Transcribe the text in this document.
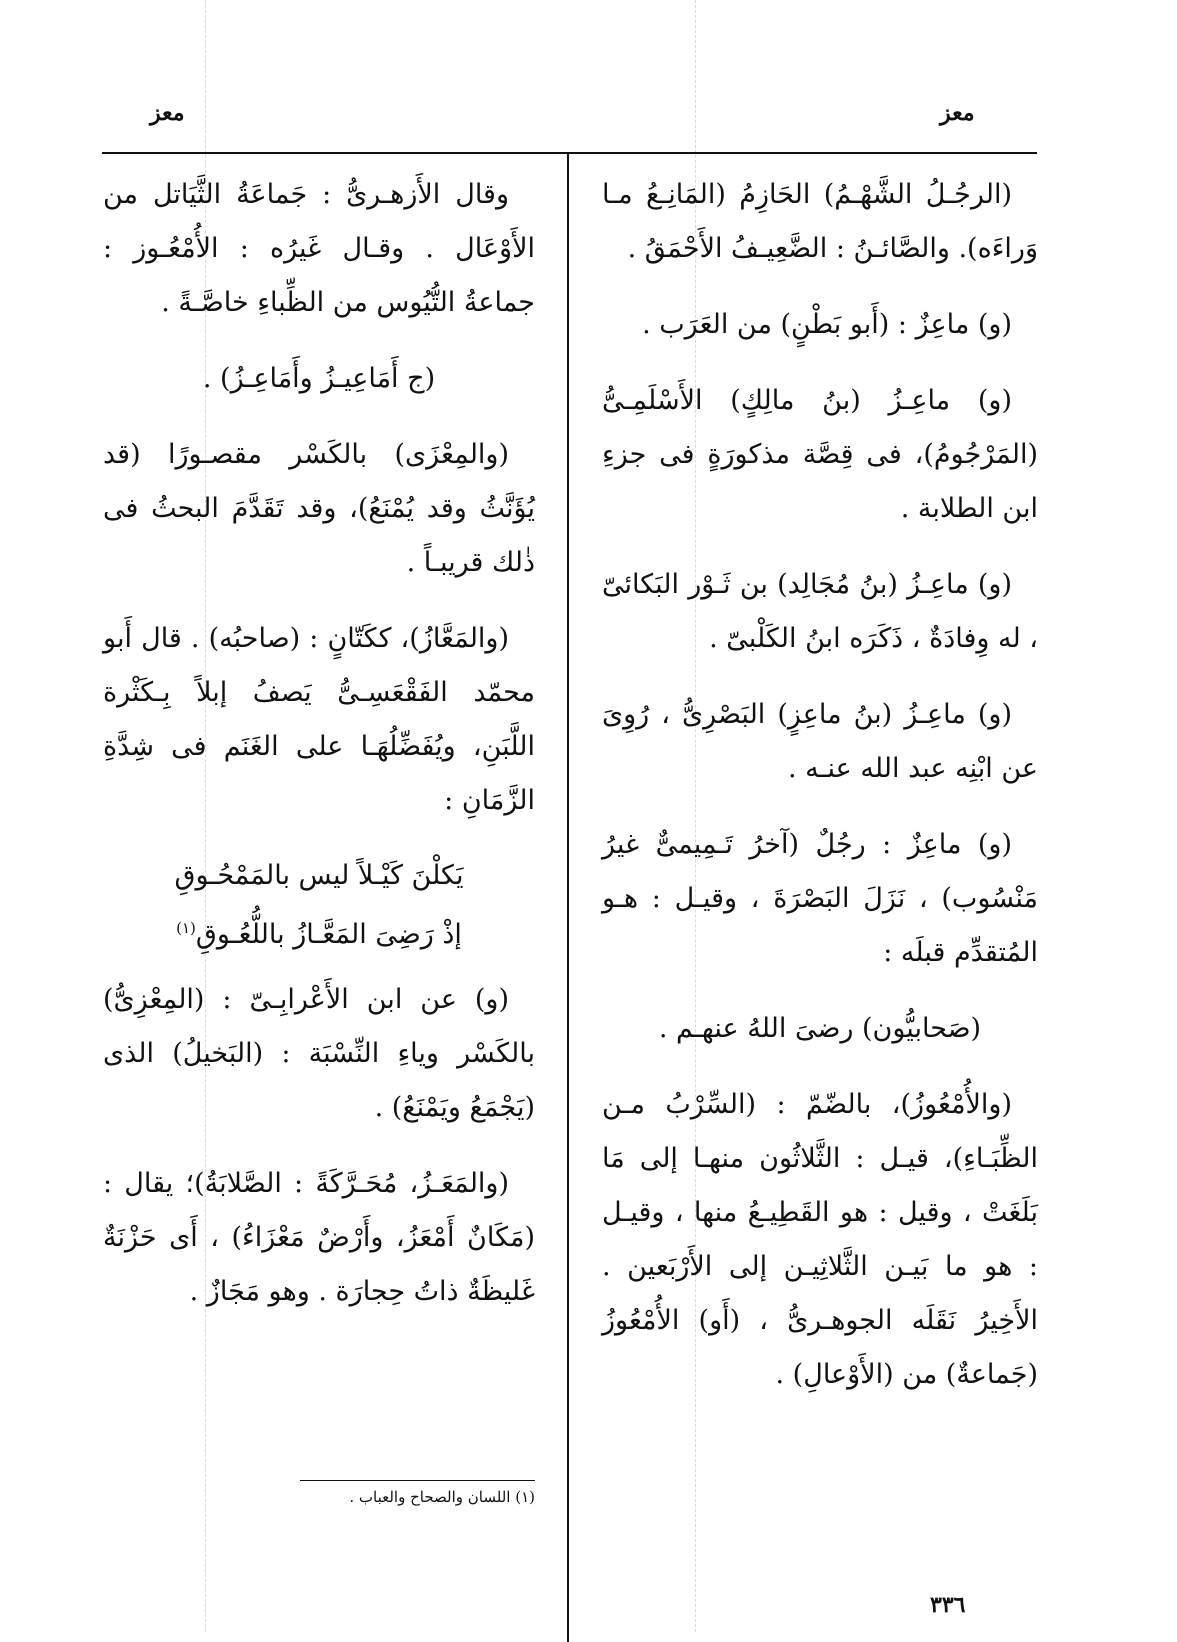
معز
معز

(الرجُـلُ الشَّهْـمُ) الحَازِمُ (المَانِـعُ مـا وَراءَه). والصَّائـنُ : الضَّعِيـفُ الأَحْمَقُ .

(و) ماعِزٌ : (أَبو بَطْنٍ) من العَرَب .

(و) ماعِـزُ (بنُ مالِكٍ) الأَسْلَمِـىُّ (المَرْجُومُ)، فى قِصَّة مذكورَةٍ فى جزءِ ابن الطلابة .

(و) ماعِـزُ (بنُ مُجَالِد) بن ثَـوْر البَكائىّ ، له وِفادَةٌ ، ذَكَرَه ابنُ الكَلْبىّ .

(و) ماعِـزُ (بنُ ماعِزٍ) البَصْرِىُّ ، رُوِىَ عن ابْنِه عبد الله عنـه .

(و) ماعِزٌ : رجُلٌ (آخرُ تَـمِيمىٌّ غيرُ مَنْسُوب) ، نَزَلَ البَصْرَةَ ، وقيـل : هـو المُتقدِّم قبلَه :

(صَحابيُّون) رضىَ اللهُ عنهـم .

(والأُمْعُوزُ)، بالضّمّ : (السِّرْبُ مـن الظِّبَـاءِ)، قيـل : الثَّلاثُون منهـا إلى مَا بَلَغَتْ ، وقيل : هو القَطِيـعُ منها ، وقيـل : هو ما بَيـن الثَّلاثِيـن إلى الأَرْبَعين . الأَخِيرُ نَقَلَه الجوهـرىُّ ، (أَو) الأُمْعُوزُ (جَماعةٌ) من (الأَوْعالِ) .

وقال الأَزهـرىُّ : جَماعَةُ الثَّيَاتل من الأَوْعَال . وقـال غَيرُه : الأُمْعُـوز : جماعةُ التُّيُوس من الظِّباءِ خاصَّـةً .

(ج أَمَاعِيـزُ وأَمَاعِـزُ) .

(والمِعْزَى) بالكَسْر مقصـورًا (قد يُؤَنَّثُ وقد يُمْنَعُ)، وقد تَقَدَّمَ البحثُ فى ذٰلك قريبـاً .

(والمَعَّازُ)، ككَتّانٍ : (صاحبُه) . قال أَبو محمّد الفَقْعَسِـىُّ يَصفُ إبلاً بِـكَثْرة اللَّبَنِ، ويُفَضِّلُهَـا على الغَنَم فى شِدَّةِ الزَّمَانِ :

يَكلْنَ كَيْـلاً ليس بالمَمْحُـوقِ

إذْ رَضِىَ المَعَّـازُ باللُّعُـوقِ$^{(١)}$

(و) عن ابن الأَعْرابِـىّ : (المِعْزِىُّ) بالكَسْر وياءِ النِّسْبَة : (البَخيلُ) الذى (يَجْمَعُ ويَمْنَعُ) .

(والمَعَـزُ، مُحَـرَّكَةً : الصَّلابَةُ)؛ يقال : (مَكَانٌ أَمْعَزُ، وأَرْضٌ مَعْزَاءُ) ، أَى حَزْنَةٌ غَليظَةٌ ذاتُ حِجارَة . وهو مَجَازٌ .

(١) اللسان والصحاح والعباب .
٣٣٦
